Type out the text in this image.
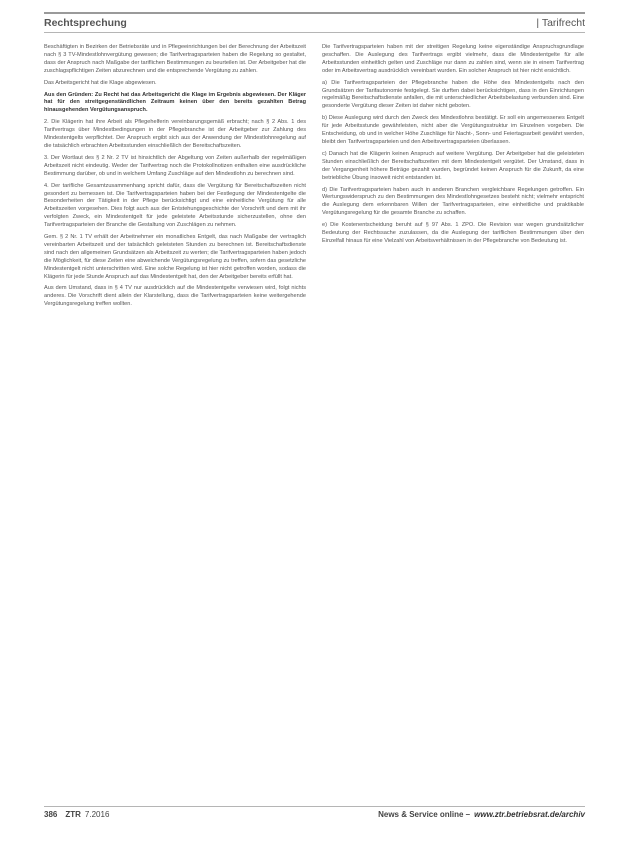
Rechtsprechung	| Tarifrecht

Beschäftigten in Bezirken der Betriebsräte und in Pflegeeinrichtungen bei der Berechnung der Arbeitszeit nach § 3 TV-Mindestlohnvergütung gewesen; die Tarifvertragsparteien haben die Regelung so gestaltet, dass der Anspruch nach Maßgabe der tariflichen Bestimmungen zu beurteilen ist. Der Arbeitgeber hat die zuschlagspflichtigen Zeiten abzurechnen und die entsprechende Vergütung zu zahlen.

Das Arbeitsgericht hat die Klage abgewiesen.

Aus den Gründen: Zu Recht hat das Arbeitsgericht die Klage im Ergebnis abgewiesen. Der Kläger hat für den streitgegenständlichen Zeitraum keinen über den bereits gezahlten Betrag hinausgehenden Vergütungsanspruch.

2. Die Klägerin hat ihre Arbeit als Pflegehelferin vereinbarungsgemäß erbracht; nach § 2 Abs. 1 des Tarifvertrags über Mindestbedingungen in der Pflegebranche ist der Arbeitgeber zur Zahlung des Mindestentgelts verpflichtet. Der Anspruch ergibt sich aus der Anwendung der Mindestlohnregelung auf die tatsächlich erbrachten Arbeitsstunden einschließlich der Bereitschaftszeiten.

3. Der Wortlaut des § 2 Nr. 2 TV ist hinsichtlich der Abgeltung von Zeiten außerhalb der regelmäßigen Arbeitszeit nicht eindeutig. Weder der Tarifvertrag noch die Protokollnotizen enthalten eine ausdrückliche Bestimmung darüber, ob und in welchem Umfang Zuschläge auf den Mindestlohn zu berechnen sind.

4. Der tarifliche Gesamtzusammenhang spricht dafür, dass die Vergütung für Bereitschaftszeiten nicht gesondert zu bemessen ist. Die Tarifvertragsparteien haben bei der Festlegung der Mindestentgelte die Besonderheiten der Tätigkeit in der Pflege berücksichtigt und eine einheitliche Vergütung für alle Arbeitszeiten vorgesehen. Dies folgt auch aus der Entstehungsgeschichte der Vorschrift und dem mit ihr verfolgten Zweck, ein Mindestentgelt für jede geleistete Arbeitsstunde sicherzustellen, ohne den Tarifvertragsparteien der Branche die Gestaltung von Zuschlägen zu nehmen.

Gem. § 2 Nr. 1 TV erhält der Arbeitnehmer ein monatliches Entgelt, das nach Maßgabe der vertraglich vereinbarten Arbeitszeit und der tatsächlich geleisteten Stunden zu berechnen ist. Bereitschaftsdienste sind nach den allgemeinen Grundsätzen als Arbeitszeit zu werten; die Tarifvertragsparteien haben jedoch die Möglichkeit, für diese Zeiten eine abweichende Vergütungsregelung zu treffen, sofern das gesetzliche Mindestentgelt nicht unterschritten wird. Eine solche Regelung ist hier nicht getroffen worden, sodass die Klägerin für jede Stunde Anspruch auf das Mindestentgelt hat, den der Arbeitgeber bereits erfüllt hat.

Aus dem Umstand, dass in § 4 TV nur ausdrücklich auf die Mindestentgelte verwiesen wird, folgt nichts anderes. Die Vorschrift dient allein der Klarstellung, dass die Tarifvertragsparteien keine weitergehende Vergütungsregelung treffen wollten.

Die Tarifvertragsparteien haben mit der streitigen Regelung keine eigenständige Anspruchsgrundlage geschaffen. Die Auslegung des Tarifvertrags ergibt vielmehr, dass die Mindestentgelte für alle Arbeitsstunden einheitlich gelten und Zuschläge nur dann zu zahlen sind, wenn sie in einem Tarifvertrag oder im Arbeitsvertrag ausdrücklich vereinbart wurden. Ein solcher Anspruch ist hier nicht ersichtlich.

a) Die Tarifvertragsparteien der Pflegebranche haben die Höhe des Mindestentgelts nach den Grundsätzen der Tarifautonomie festgelegt. Sie durften dabei berücksichtigen, dass in den Einrichtungen regelmäßig Bereitschaftsdienste anfallen, die mit unterschiedlicher Arbeitsbelastung verbunden sind. Eine gesonderte Vergütung dieser Zeiten ist daher nicht geboten.

b) Diese Auslegung wird durch den Zweck des Mindestlohns bestätigt. Er soll ein angemessenes Entgelt für jede Arbeitsstunde gewährleisten, nicht aber die Vergütungsstruktur im Einzelnen vorgeben. Die Entscheidung, ob und in welcher Höhe Zuschläge für Nacht-, Sonn- und Feiertagsarbeit gewährt werden, bleibt den Tarifvertragsparteien und den Arbeitsvertragsparteien überlassen.

c) Danach hat die Klägerin keinen Anspruch auf weitere Vergütung. Der Arbeitgeber hat die geleisteten Stunden einschließlich der Bereitschaftszeiten mit dem Mindestentgelt vergütet. Der Umstand, dass in der Vergangenheit höhere Beträge gezahlt wurden, begründet keinen Anspruch für die Zukunft, da eine betriebliche Übung insoweit nicht entstanden ist.

d) Die Tarifvertragsparteien haben auch in anderen Branchen vergleichbare Regelungen getroffen. Ein Wertungswiderspruch zu den Bestimmungen des Mindestlohngesetzes besteht nicht; vielmehr entspricht die Auslegung dem erkennbaren Willen der Tarifvertragsparteien, eine einheitliche und praktikable Vergütungsregelung für die gesamte Branche zu schaffen.

e) Die Kostenentscheidung beruht auf § 97 Abs. 1 ZPO. Die Revision war wegen grundsätzlicher Bedeutung der Rechtssache zuzulassen, da die Auslegung der tariflichen Bestimmungen über den Einzelfall hinaus für eine Vielzahl von Arbeitsverhältnissen in der Pflegebranche von Bedeutung ist.

386 ZTR 7.2016	News & Service online – www.ztr.betriebsrat.de/archiv
